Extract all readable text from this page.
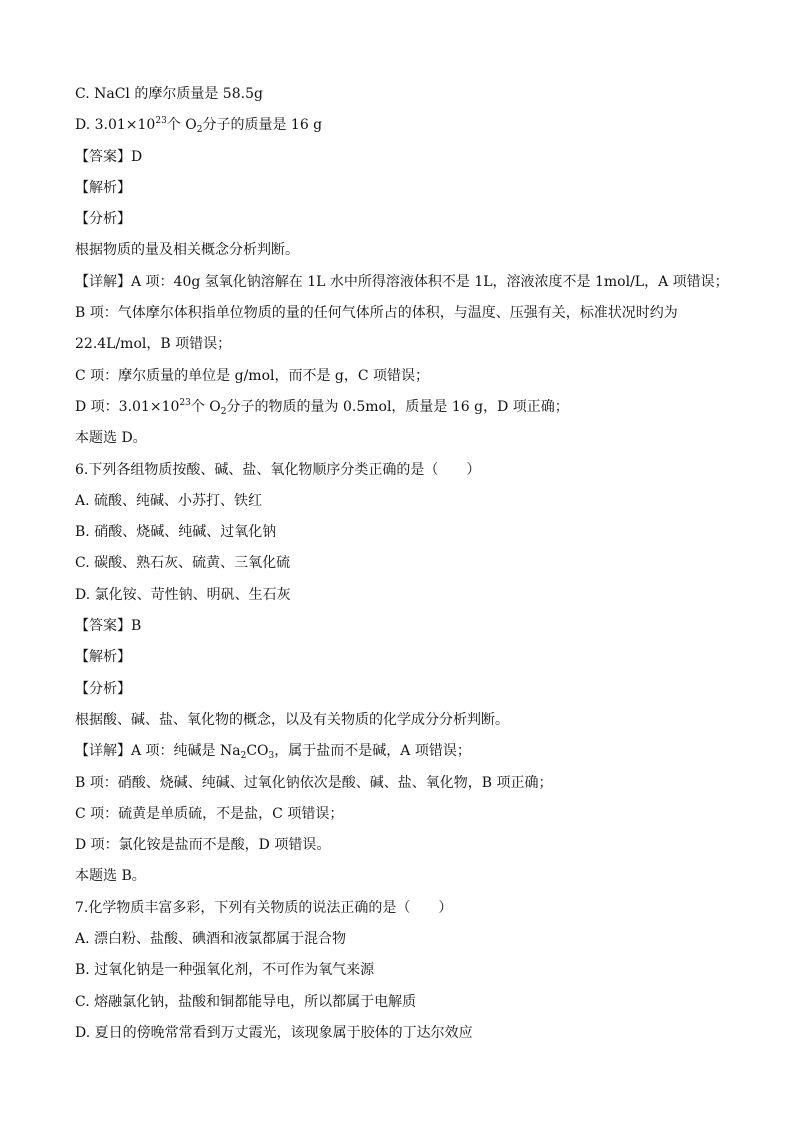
C. NaCl 的摩尔质量是 58.5g
D. $3.01\times 10^{23}$个 $O_2$分子的质量是 16 g
【答案】D
【解析】
【分析】
根据物质的量及相关概念分析判断。
【详解】A 项：40g 氢氧化钠溶解在 1L 水中所得溶液体积不是 1L，溶液浓度不是 1mol/L，A 项错误；
B 项：气体摩尔体积指单位物质的量的任何气体所占的体积，与温度、压强有关，标准状况时约为
22.4L/mol，B 项错误；
C 项：摩尔质量的单位是 g/mol，而不是 g，C 项错误；
D 项：$3.01\times 10^{23}$个 $O_2$分子的物质的量为 0.5mol，质量是 16 g，D 项正确；
本题选 D。
6.下列各组物质按酸、碱、盐、氧化物顺序分类正确的是（　　）
A. 硫酸、纯碱、小苏打、铁红
B. 硝酸、烧碱、纯碱、过氧化钠
C. 碳酸、熟石灰、硫黄、三氧化硫
D. 氯化铵、苛性钠、明矾、生石灰
【答案】B
【解析】
【分析】
根据酸、碱、盐、氧化物的概念，以及有关物质的化学成分分析判断。
【详解】A 项：纯碱是 $Na_2CO_3$，属于盐而不是碱，A 项错误；
B 项：硝酸、烧碱、纯碱、过氧化钠依次是酸、碱、盐、氧化物，B 项正确；
C 项：硫黄是单质硫，不是盐，C 项错误；
D 项：氯化铵是盐而不是酸，D 项错误。
本题选 B。
7.化学物质丰富多彩，下列有关物质的说法正确的是（　　）
A. 漂白粉、盐酸、碘酒和液氯都属于混合物
B. 过氧化钠是一种强氧化剂，不可作为氧气来源
C. 熔融氯化钠，盐酸和铜都能导电，所以都属于电解质
D. 夏日的傍晚常常看到万丈霞光，该现象属于胶体的丁达尔效应
